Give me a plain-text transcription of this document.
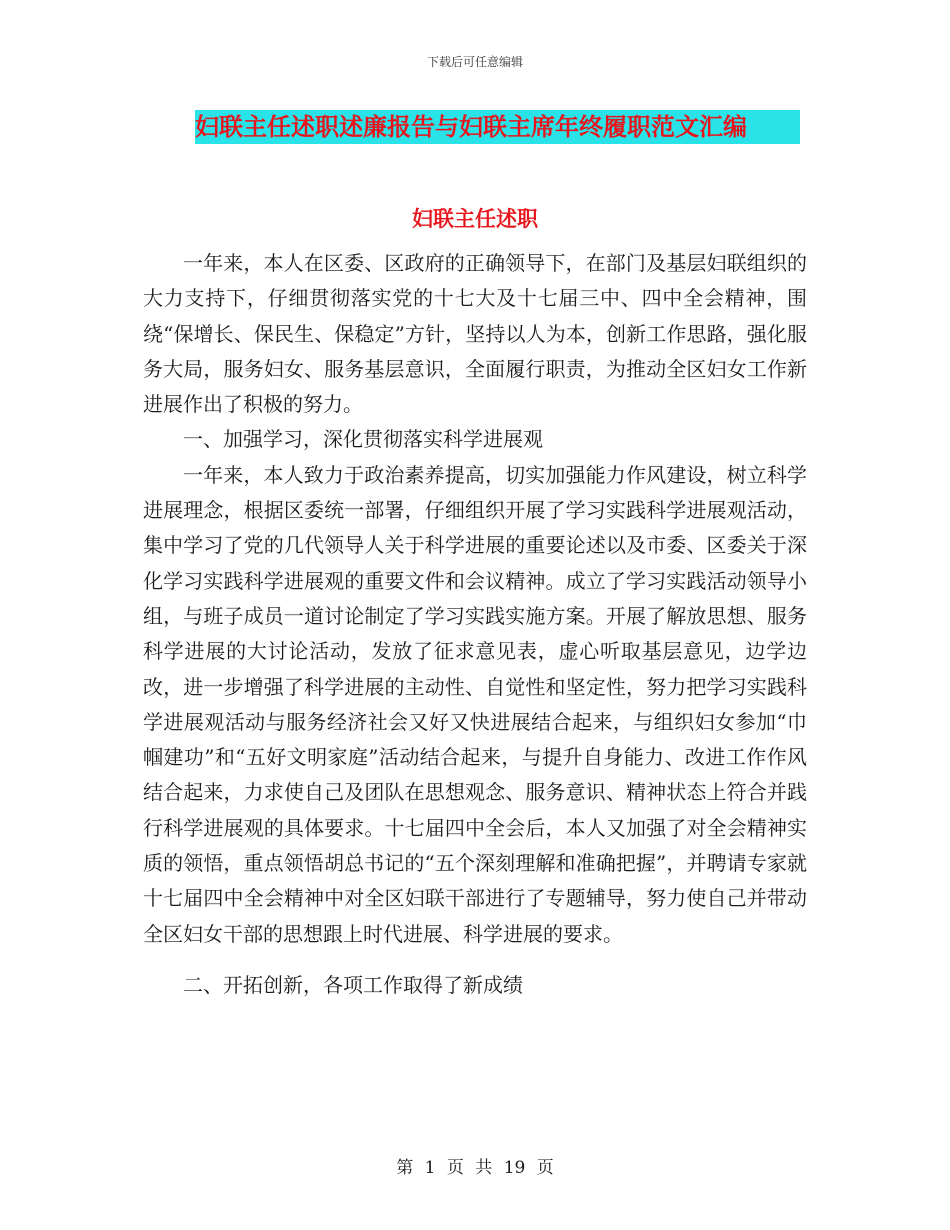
下载后可任意编辑
妇联主任述职述廉报告与妇联主席年终履职范文汇编
妇联主任述职

一年来，本人在区委、区政府的正确领导下，在部门及基层妇联组织的大力支持下，仔细贯彻落实党的十七大及十七届三中、四中全会精神，围绕“保增长、保民生、保稳定”方针，坚持以人为本，创新工作思路，强化服务大局，服务妇女、服务基层意识，全面履行职责，为推动全区妇女工作新进展作出了积极的努力。

一、加强学习，深化贯彻落实科学进展观

一年来，本人致力于政治素养提高，切实加强能力作风建设，树立科学进展理念，根据区委统一部署，仔细组织开展了学习实践科学进展观活动，集中学习了党的几代领导人关于科学进展的重要论述以及市委、区委关于深化学习实践科学进展观的重要文件和会议精神。成立了学习实践活动领导小组，与班子成员一道讨论制定了学习实践实施方案。开展了解放思想、服务科学进展的大讨论活动，发放了征求意见表，虚心听取基层意见，边学边改，进一步增强了科学进展的主动性、自觉性和坚定性，努力把学习实践科学进展观活动与服务经济社会又好又快进展结合起来，与组织妇女参加“巾帼建功”和“五好文明家庭”活动结合起来，与提升自身能力、改进工作作风结合起来，力求使自己及团队在思想观念、服务意识、精神状态上符合并践行科学进展观的具体要求。十七届四中全会后，本人又加强了对全会精神实质的领悟，重点领悟胡总书记的“五个深刻理解和准确把握”，并聘请专家就十七届四中全会精神中对全区妇联干部进行了专题辅导，努力使自己并带动全区妇女干部的思想跟上时代进展、科学进展的要求。

二、开拓创新，各项工作取得了新成绩

第 1 页 共 19 页
